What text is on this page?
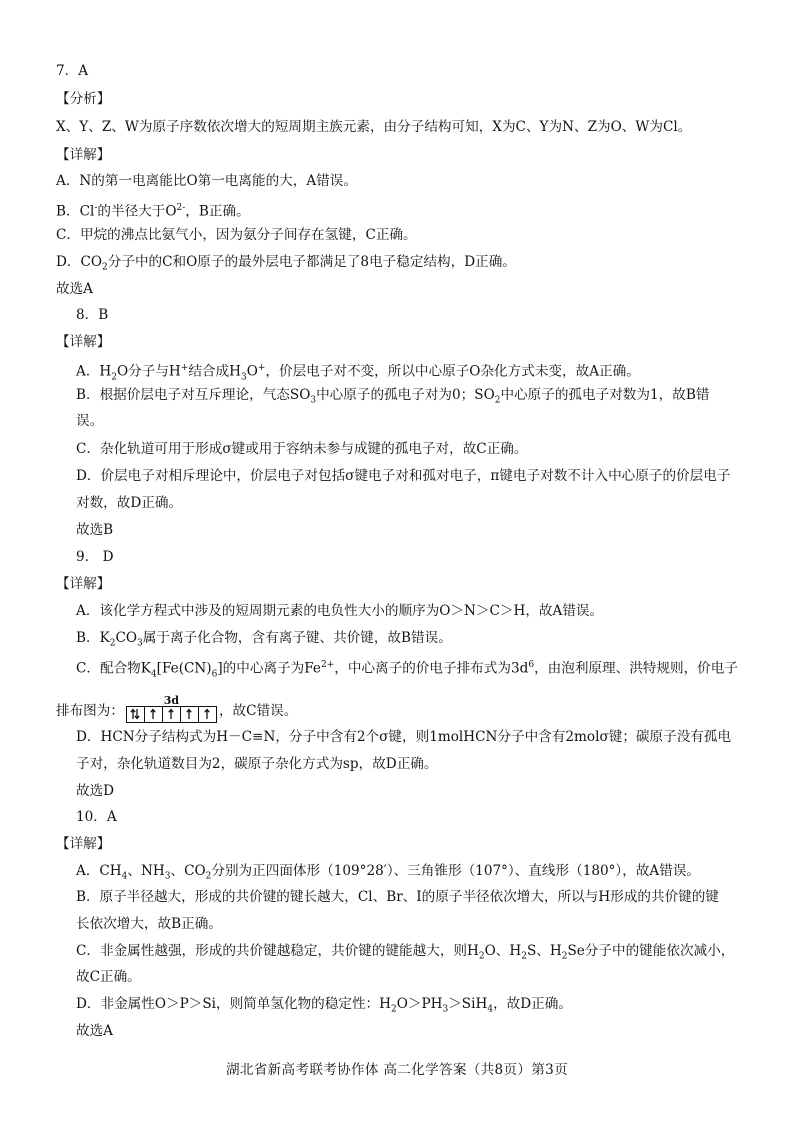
7．A
【分析】
X、Y、Z、W为原子序数依次增大的短周期主族元素，由分子结构可知，X为C、Y为N、Z为O、W为Cl。
【详解】
A．N的第一电离能比O第一电离能的大，A错误。
B．Cl-的半径大于$O^{2-}$，B正确。
C．甲烷的沸点比氨气小，因为氨分子间存在氢键，C正确。
D．$CO_2$分子中的C和O原子的最外层电子都满足了8电子稳定结构，D正确。
故选A
8．B
【详解】
A．$H_2O$分子与H+结合成$H_3O^+$，价层电子对不变，所以中心原子O杂化方式未变，故A正确。
B．根据价层电子对互斥理论，气态$SO_3$中心原子的孤电子对为0；$SO_2$中心原子的孤电子对数为1，故B错
误。
C．杂化轨道可用于形成σ键或用于容纳未参与成键的孤电子对，故C正确。
D．价层电子对相斥理论中，价层电子对包括σ键电子对和孤对电子，π键电子对数不计入中心原子的价层电子
对数，故D正确。
故选B
9． D
【详解】
A．该化学方程式中涉及的短周期元素的电负性大小的顺序为O＞N＞C＞H，故A错误。
B．$K_2CO_3$属于离子化合物，含有离子键、共价键，故B错误。
C．配合物$K_4[Fe(CN)_6]$的中心离子为$Fe^{2+}$，中心离子的价电子排布式为$3d^6$，由泡利原理、洪特规则，价电子
排布图为：
3d
，故C错误。
D．HCN分子结构式为H－C≡N，分子中含有2个σ键，则1molHCN分子中含有2molσ键；碳原子没有孤电
子对，杂化轨道数目为2，碳原子杂化方式为sp，故D正确。
故选D
10．A
【详解】
A．$CH_4$、$NH_3$、$CO_2$分别为正四面体形（109°28′）、三角锥形（107°）、直线形（180°），故A错误。
B．原子半径越大，形成的共价键的键长越大，Cl、Br、I的原子半径依次增大，所以与H形成的共价键的键
长依次增大，故B正确。
C．非金属性越强，形成的共价键越稳定，共价键的键能越大，则$H_2O$、$H_2S$、$H_2Se$分子中的键能依次减小，
故C正确。
D．非金属性O＞P＞Si，则简单氢化物的稳定性：$H_2O>PH_3>SiH_4$，故D正确。
故选A
湖北省新高考联考协作体 高二化学答案（共8页）第3页
